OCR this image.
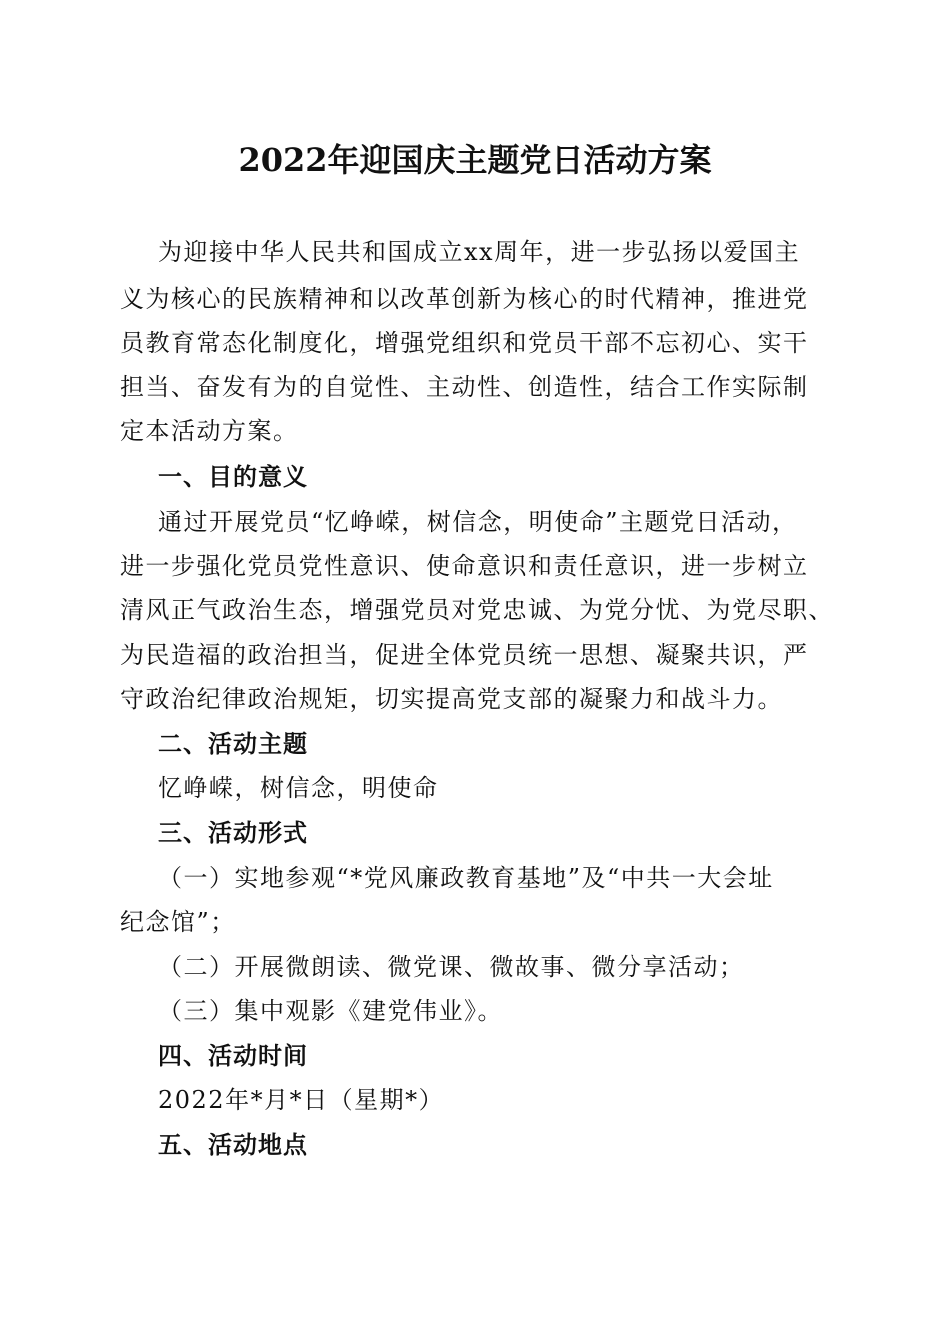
2022年迎国庆主题党日活动方案
为迎接中华人民共和国成立xx周年，进一步弘扬以爱国主
义为核心的民族精神和以改革创新为核心的时代精神，推进党
员教育常态化制度化，增强党组织和党员干部不忘初心、实干
担当、奋发有为的自觉性、主动性、创造性，结合工作实际制
定本活动方案。
一、目的意义
通过开展党员“忆峥嵘，树信念，明使命”主题党日活动，
进一步强化党员党性意识、使命意识和责任意识，进一步树立
清风正气政治生态，增强党员对党忠诚、为党分忧、为党尽职、
为民造福的政治担当，促进全体党员统一思想、凝聚共识，严
守政治纪律政治规矩，切实提高党支部的凝聚力和战斗力。
二、活动主题
忆峥嵘，树信念，明使命
三、活动形式
（一）实地参观“*党风廉政教育基地”及“中共一大会址
纪念馆”；
（二）开展微朗读、微党课、微故事、微分享活动；
（三）集中观影《建党伟业》。
四、活动时间
2022年*月*日（星期*）
五、活动地点
